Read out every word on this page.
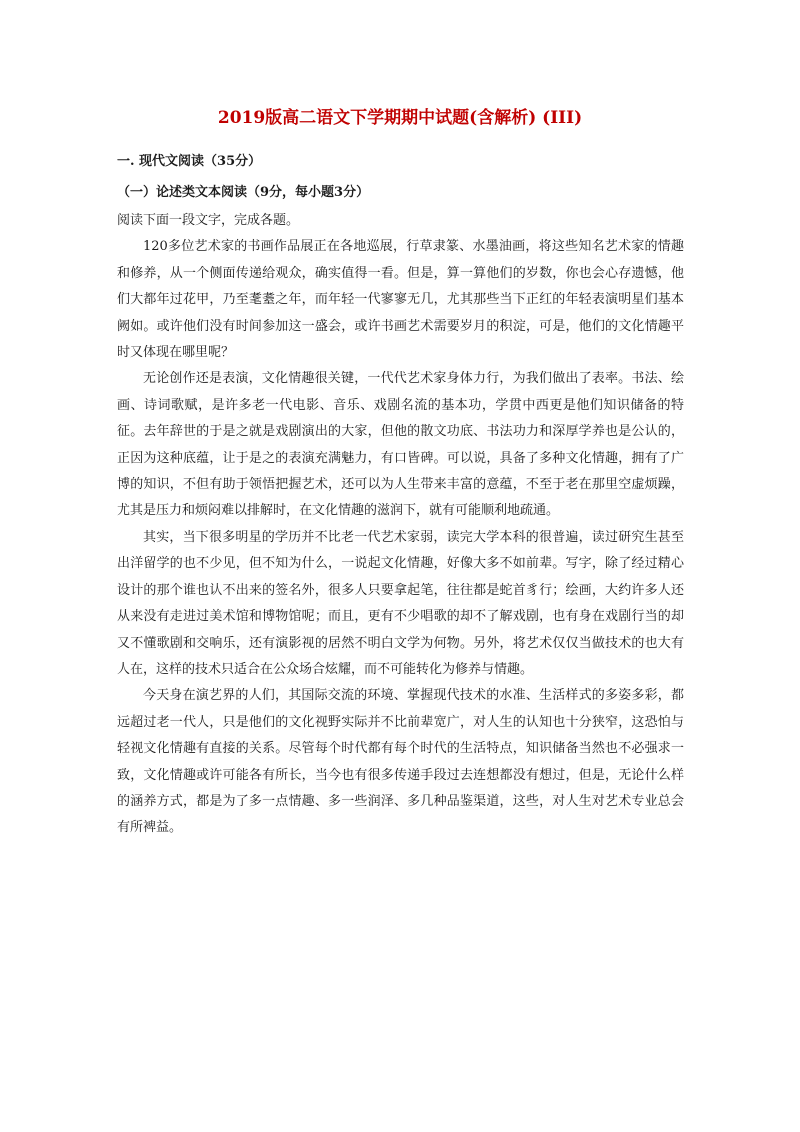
2019版高二语文下学期期中试题(含解析) (III)
一. 现代文阅读（35分）
（一）论述类文本阅读（9分，每小题3分）

阅读下面一段文字，完成各题。

120多位艺术家的书画作品展正在各地巡展，行草隶篆、水墨油画，将这些知名艺术家的情趣和修养，从一个侧面传递给观众，确实值得一看。但是，算一算他们的岁数，你也会心存遗憾，他们大都年过花甲，乃至耄耋之年，而年轻一代寥寥无几，尤其那些当下正红的年轻表演明星们基本阙如。或许他们没有时间参加这一盛会，或许书画艺术需要岁月的积淀，可是，他们的文化情趣平时又体现在哪里呢？

无论创作还是表演，文化情趣很关键，一代代艺术家身体力行，为我们做出了表率。书法、绘画、诗词歌赋，是许多老一代电影、音乐、戏剧名流的基本功，学贯中西更是他们知识储备的特征。去年辞世的于是之就是戏剧演出的大家，但他的散文功底、书法功力和深厚学养也是公认的，正因为这种底蕴，让于是之的表演充满魅力，有口皆碑。可以说，具备了多种文化情趣，拥有了广博的知识，不但有助于领悟把握艺术，还可以为人生带来丰富的意蕴，不至于老在那里空虚烦躁，尤其是压力和烦闷难以排解时，在文化情趣的滋润下，就有可能顺利地疏通。

其实，当下很多明星的学历并不比老一代艺术家弱，读完大学本科的很普遍，读过研究生甚至出洋留学的也不少见，但不知为什么，一说起文化情趣，好像大多不如前辈。写字，除了经过精心设计的那个谁也认不出来的签名外，很多人只要拿起笔，往往都是蛇首豸行；绘画，大约许多人还从来没有走进过美术馆和博物馆呢；而且，更有不少唱歌的却不了解戏剧，也有身在戏剧行当的却又不懂歌剧和交响乐，还有演影视的居然不明白文学为何物。另外，将艺术仅仅当做技术的也大有人在，这样的技术只适合在公众场合炫耀，而不可能转化为修养与情趣。

今天身在演艺界的人们，其国际交流的环境、掌握现代技术的水准、生活样式的多姿多彩，都远超过老一代人，只是他们的文化视野实际并不比前辈宽广，对人生的认知也十分狭窄，这恐怕与轻视文化情趣有直接的关系。尽管每个时代都有每个时代的生活特点，知识储备当然也不必强求一致，文化情趣或许可能各有所长，当今也有很多传递手段过去连想都没有想过，但是，无论什么样的涵养方式，都是为了多一点情趣、多一些润泽、多几种品鉴渠道，这些，对人生对艺术专业总会有所裨益。
